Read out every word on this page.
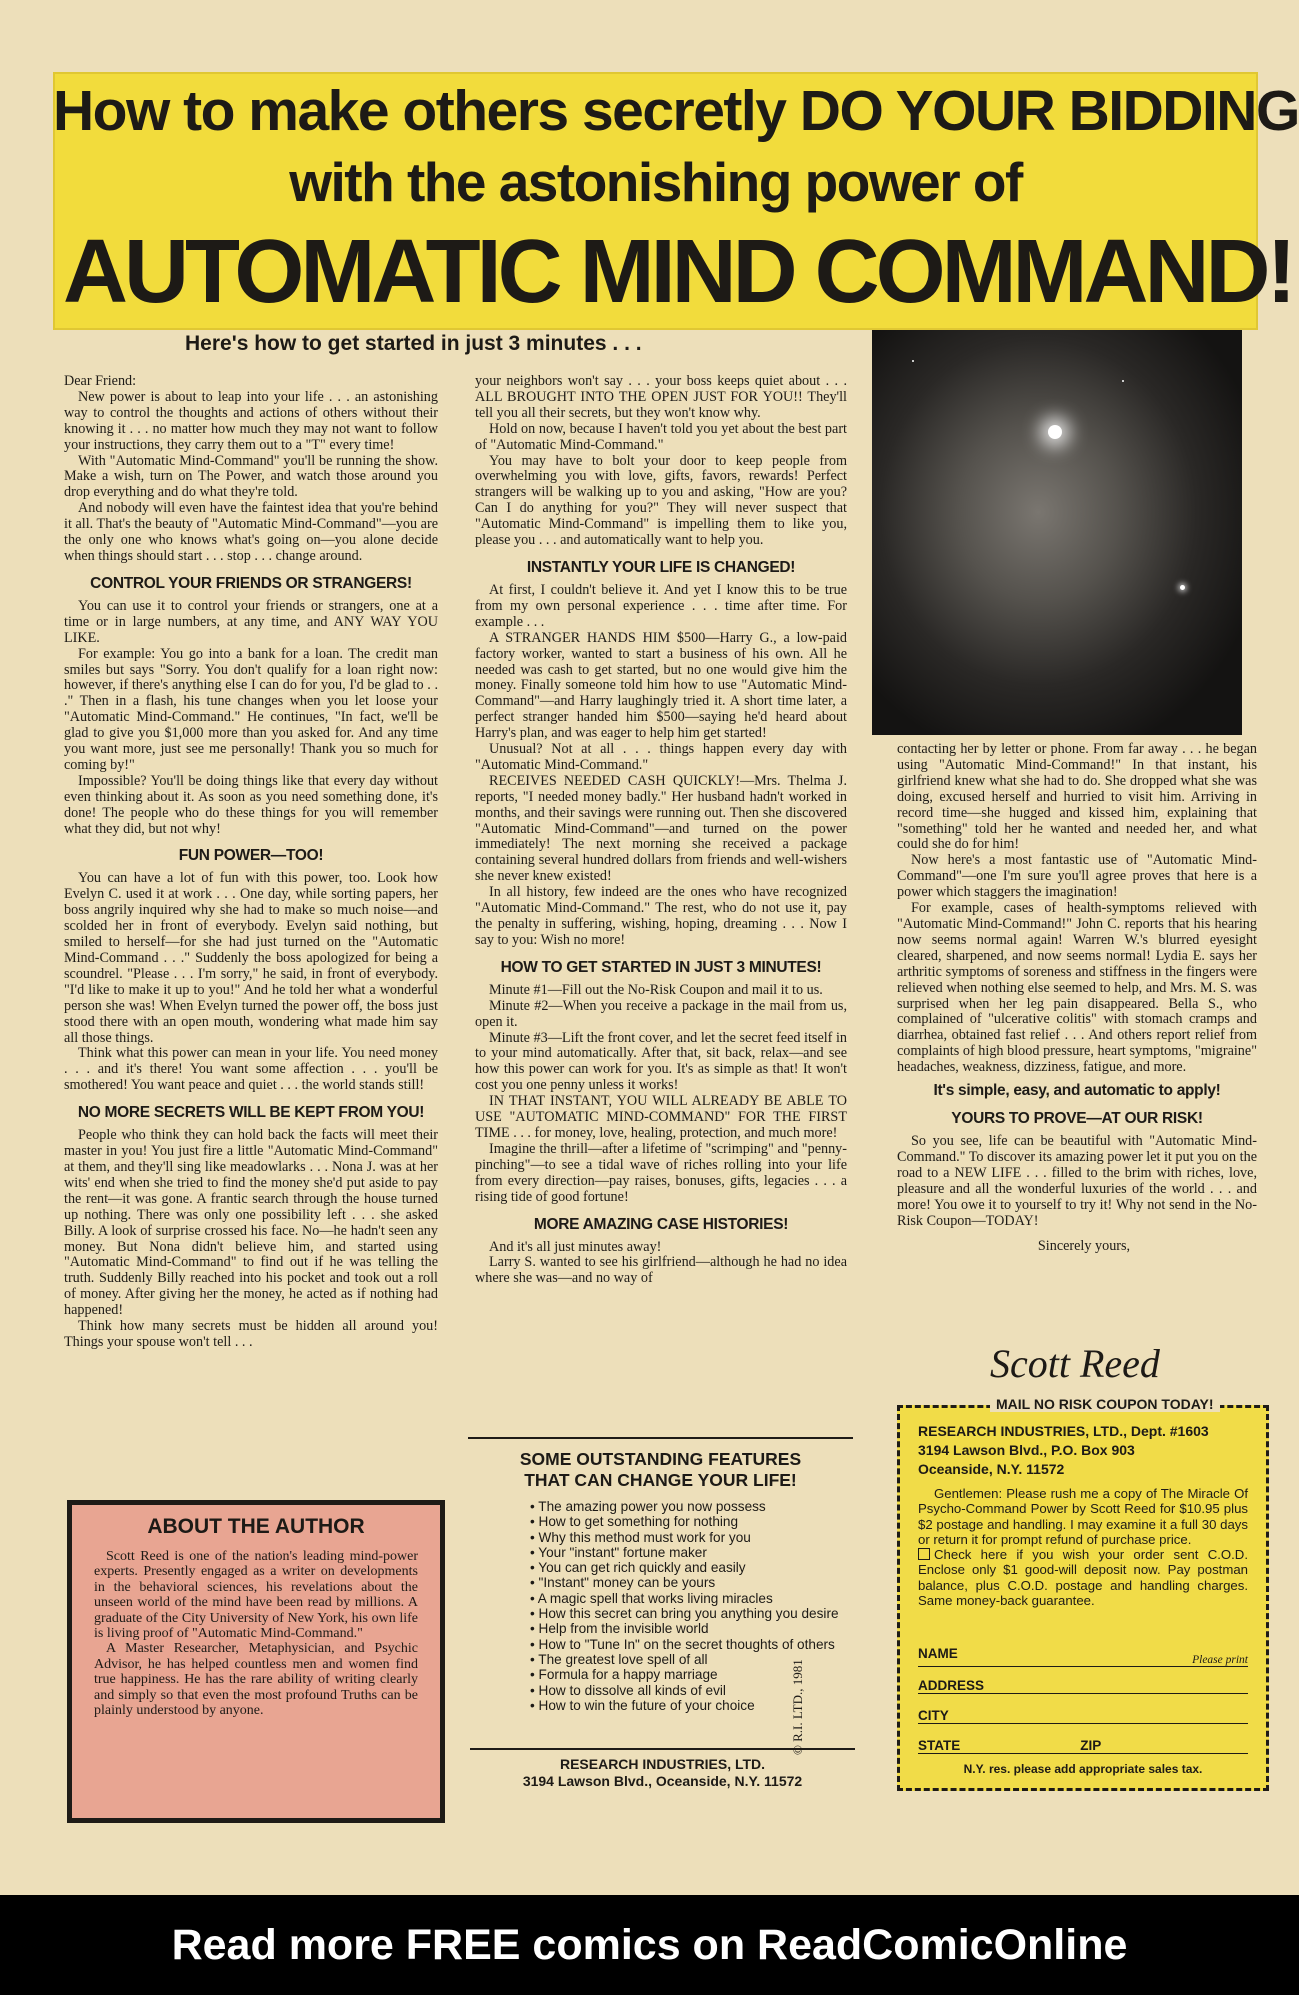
How to make others secretly DO YOUR BIDDING
with the astonishing power of
AUTOMATIC MIND COMMAND!
Here's how to get started in just 3 minutes . . .

Dear Friend:

New power is about to leap into your life . . . an astonishing way to control the thoughts and actions of others without their knowing it . . . no matter how much they may not want to follow your instructions, they carry them out to a "T" every time!

With "Automatic Mind-Command" you'll be running the show. Make a wish, turn on The Power, and watch those around you drop everything and do what they're told.

And nobody will even have the faintest idea that you're behind it all. That's the beauty of "Automatic Mind-Command"—you are the only one who knows what's going on—you alone decide when things should start . . . stop . . . change around.

CONTROL YOUR FRIENDS OR STRANGERS!

You can use it to control your friends or strangers, one at a time or in large numbers, at any time, and ANY WAY YOU LIKE.

For example: You go into a bank for a loan. The credit man smiles but says "Sorry. You don't qualify for a loan right now: however, if there's anything else I can do for you, I'd be glad to . . ." Then in a flash, his tune changes when you let loose your "Automatic Mind-Command." He continues, "In fact, we'll be glad to give you $1,000 more than you asked for. And any time you want more, just see me personally! Thank you so much for coming by!"

Impossible? You'll be doing things like that every day without even thinking about it. As soon as you need something done, it's done! The people who do these things for you will remember what they did, but not why!

FUN POWER—TOO!

You can have a lot of fun with this power, too. Look how Evelyn C. used it at work . . . One day, while sorting papers, her boss angrily inquired why she had to make so much noise—and scolded her in front of everybody. Evelyn said nothing, but smiled to herself—for she had just turned on the "Automatic Mind-Command . . ." Suddenly the boss apologized for being a scoundrel. "Please . . . I'm sorry," he said, in front of everybody. "I'd like to make it up to you!" And he told her what a wonderful person she was! When Evelyn turned the power off, the boss just stood there with an open mouth, wondering what made him say all those things.

Think what this power can mean in your life. You need money . . . and it's there! You want some affection . . . you'll be smothered! You want peace and quiet . . . the world stands still!

NO MORE SECRETS WILL BE KEPT FROM YOU!

People who think they can hold back the facts will meet their master in you! You just fire a little "Automatic Mind-Command" at them, and they'll sing like meadowlarks . . . Nona J. was at her wits' end when she tried to find the money she'd put aside to pay the rent—it was gone. A frantic search through the house turned up nothing. There was only one possibility left . . . she asked Billy. A look of surprise crossed his face. No—he hadn't seen any money. But Nona didn't believe him, and started using "Automatic Mind-Command" to find out if he was telling the truth. Suddenly Billy reached into his pocket and took out a roll of money. After giving her the money, he acted as if nothing had happened!

Think how many secrets must be hidden all around you! Things your spouse won't tell . . .

your neighbors won't say . . . your boss keeps quiet about . . . ALL BROUGHT INTO THE OPEN JUST FOR YOU!! They'll tell you all their secrets, but they won't know why.

Hold on now, because I haven't told you yet about the best part of "Automatic Mind-Command."

You may have to bolt your door to keep people from overwhelming you with love, gifts, favors, rewards! Perfect strangers will be walking up to you and asking, "How are you? Can I do anything for you?" They will never suspect that "Automatic Mind-Command" is impelling them to like you, please you . . . and automatically want to help you.

INSTANTLY YOUR LIFE IS CHANGED!

At first, I couldn't believe it. And yet I know this to be true from my own personal experience . . . time after time. For example . . .

A STRANGER HANDS HIM $500—Harry G., a low-paid factory worker, wanted to start a business of his own. All he needed was cash to get started, but no one would give him the money. Finally someone told him how to use "Automatic Mind-Command"—and Harry laughingly tried it. A short time later, a perfect stranger handed him $500—saying he'd heard about Harry's plan, and was eager to help him get started!

Unusual? Not at all . . . things happen every day with "Automatic Mind-Command."

RECEIVES NEEDED CASH QUICKLY!—Mrs. Thelma J. reports, "I needed money badly." Her husband hadn't worked in months, and their savings were running out. Then she discovered "Automatic Mind-Command"—and turned on the power immediately! The next morning she received a package containing several hundred dollars from friends and well-wishers she never knew existed!

In all history, few indeed are the ones who have recognized "Automatic Mind-Command." The rest, who do not use it, pay the penalty in suffering, wishing, hoping, dreaming . . . Now I say to you: Wish no more!

HOW TO GET STARTED IN JUST 3 MINUTES!

Minute #1—Fill out the No-Risk Coupon and mail it to us.

Minute #2—When you receive a package in the mail from us, open it.

Minute #3—Lift the front cover, and let the secret feed itself in to your mind automatically. After that, sit back, relax—and see how this power can work for you. It's as simple as that! It won't cost you one penny unless it works!

IN THAT INSTANT, YOU WILL ALREADY BE ABLE TO USE "AUTOMATIC MIND-COMMAND" FOR THE FIRST TIME . . . for money, love, healing, protection, and much more!

Imagine the thrill—after a lifetime of "scrimping" and "penny-pinching"—to see a tidal wave of riches rolling into your life from every direction—pay raises, bonuses, gifts, legacies . . . a rising tide of good fortune!

MORE AMAZING CASE HISTORIES!

And it's all just minutes away!

Larry S. wanted to see his girlfriend—although he had no idea where she was—and no way of

contacting her by letter or phone. From far away . . . he began using "Automatic Mind-Command!" In that instant, his girlfriend knew what she had to do. She dropped what she was doing, excused herself and hurried to visit him. Arriving in record time—she hugged and kissed him, explaining that "something" told her he wanted and needed her, and what could she do for him!

Now here's a most fantastic use of "Automatic Mind-Command"—one I'm sure you'll agree proves that here is a power which staggers the imagination!

For example, cases of health-symptoms relieved with "Automatic Mind-Command!" John C. reports that his hearing now seems normal again! Warren W.'s blurred eyesight cleared, sharpened, and now seems normal! Lydia E. says her arthritic symptoms of soreness and stiffness in the fingers were relieved when nothing else seemed to help, and Mrs. M. S. was surprised when her leg pain disappeared. Bella S., who complained of "ulcerative colitis" with stomach cramps and diarrhea, obtained fast relief . . . And others report relief from complaints of high blood pressure, heart symptoms, "migraine" headaches, weakness, dizziness, fatigue, and more.

It's simple, easy, and automatic to apply!
YOURS TO PROVE—AT OUR RISK!

So you see, life can be beautiful with "Automatic Mind-Command." To discover its amazing power let it put you on the road to a NEW LIFE . . . filled to the brim with riches, love, pleasure and all the wonderful luxuries of the world . . . and more! You owe it to yourself to try it! Why not send in the No-Risk Coupon—TODAY!

Sincerely yours,

Scott Reed
ABOUT THE AUTHOR

Scott Reed is one of the nation's leading mind-power experts. Presently engaged as a writer on developments in the behavioral sciences, his revelations about the unseen world of the mind have been read by millions. A graduate of the City University of New York, his own life is living proof of "Automatic Mind-Command."

A Master Researcher, Metaphysician, and Psychic Advisor, he has helped countless men and women find true happiness. He has the rare ability of writing clearly and simply so that even the most profound Truths can be plainly understood by anyone.

SOME OUTSTANDING FEATURES
THAT CAN CHANGE YOUR LIFE!
• The amazing power you now possess
• How to get something for nothing
• Why this method must work for you
• Your "instant" fortune maker
• You can get rich quickly and easily
• "Instant" money can be yours
• A magic spell that works living miracles
• How this secret can bring you anything you desire
• Help from the invisible world
• How to "Tune In" on the secret thoughts of others
• The greatest love spell of all
• Formula for a happy marriage
• How to dissolve all kinds of evil
• How to win the future of your choice
RESEARCH INDUSTRIES, LTD.
3194 Lawson Blvd., Oceanside, N.Y. 11572
© R.I. LTD., 1981
MAIL NO RISK COUPON TODAY!
RESEARCH INDUSTRIES, LTD., Dept. #1603
3194 Lawson Blvd., P.O. Box 903
Oceanside, N.Y. 11572

Gentlemen: Please rush me a copy of The Miracle Of Psycho-Command Power by Scott Reed for $10.95 plus $2 postage and handling. I may examine it a full 30 days or return it for prompt refund of purchase price.

Check here if you wish your order sent C.O.D. Enclose only $1 good-will deposit now. Pay postman balance, plus C.O.D. postage and handling charges. Same money-back guarantee.

NAME	Please print
ADDRESS
CITY
STATE	ZIP
N.Y. res. please add appropriate sales tax.
Read more FREE comics on ReadComicOnline
